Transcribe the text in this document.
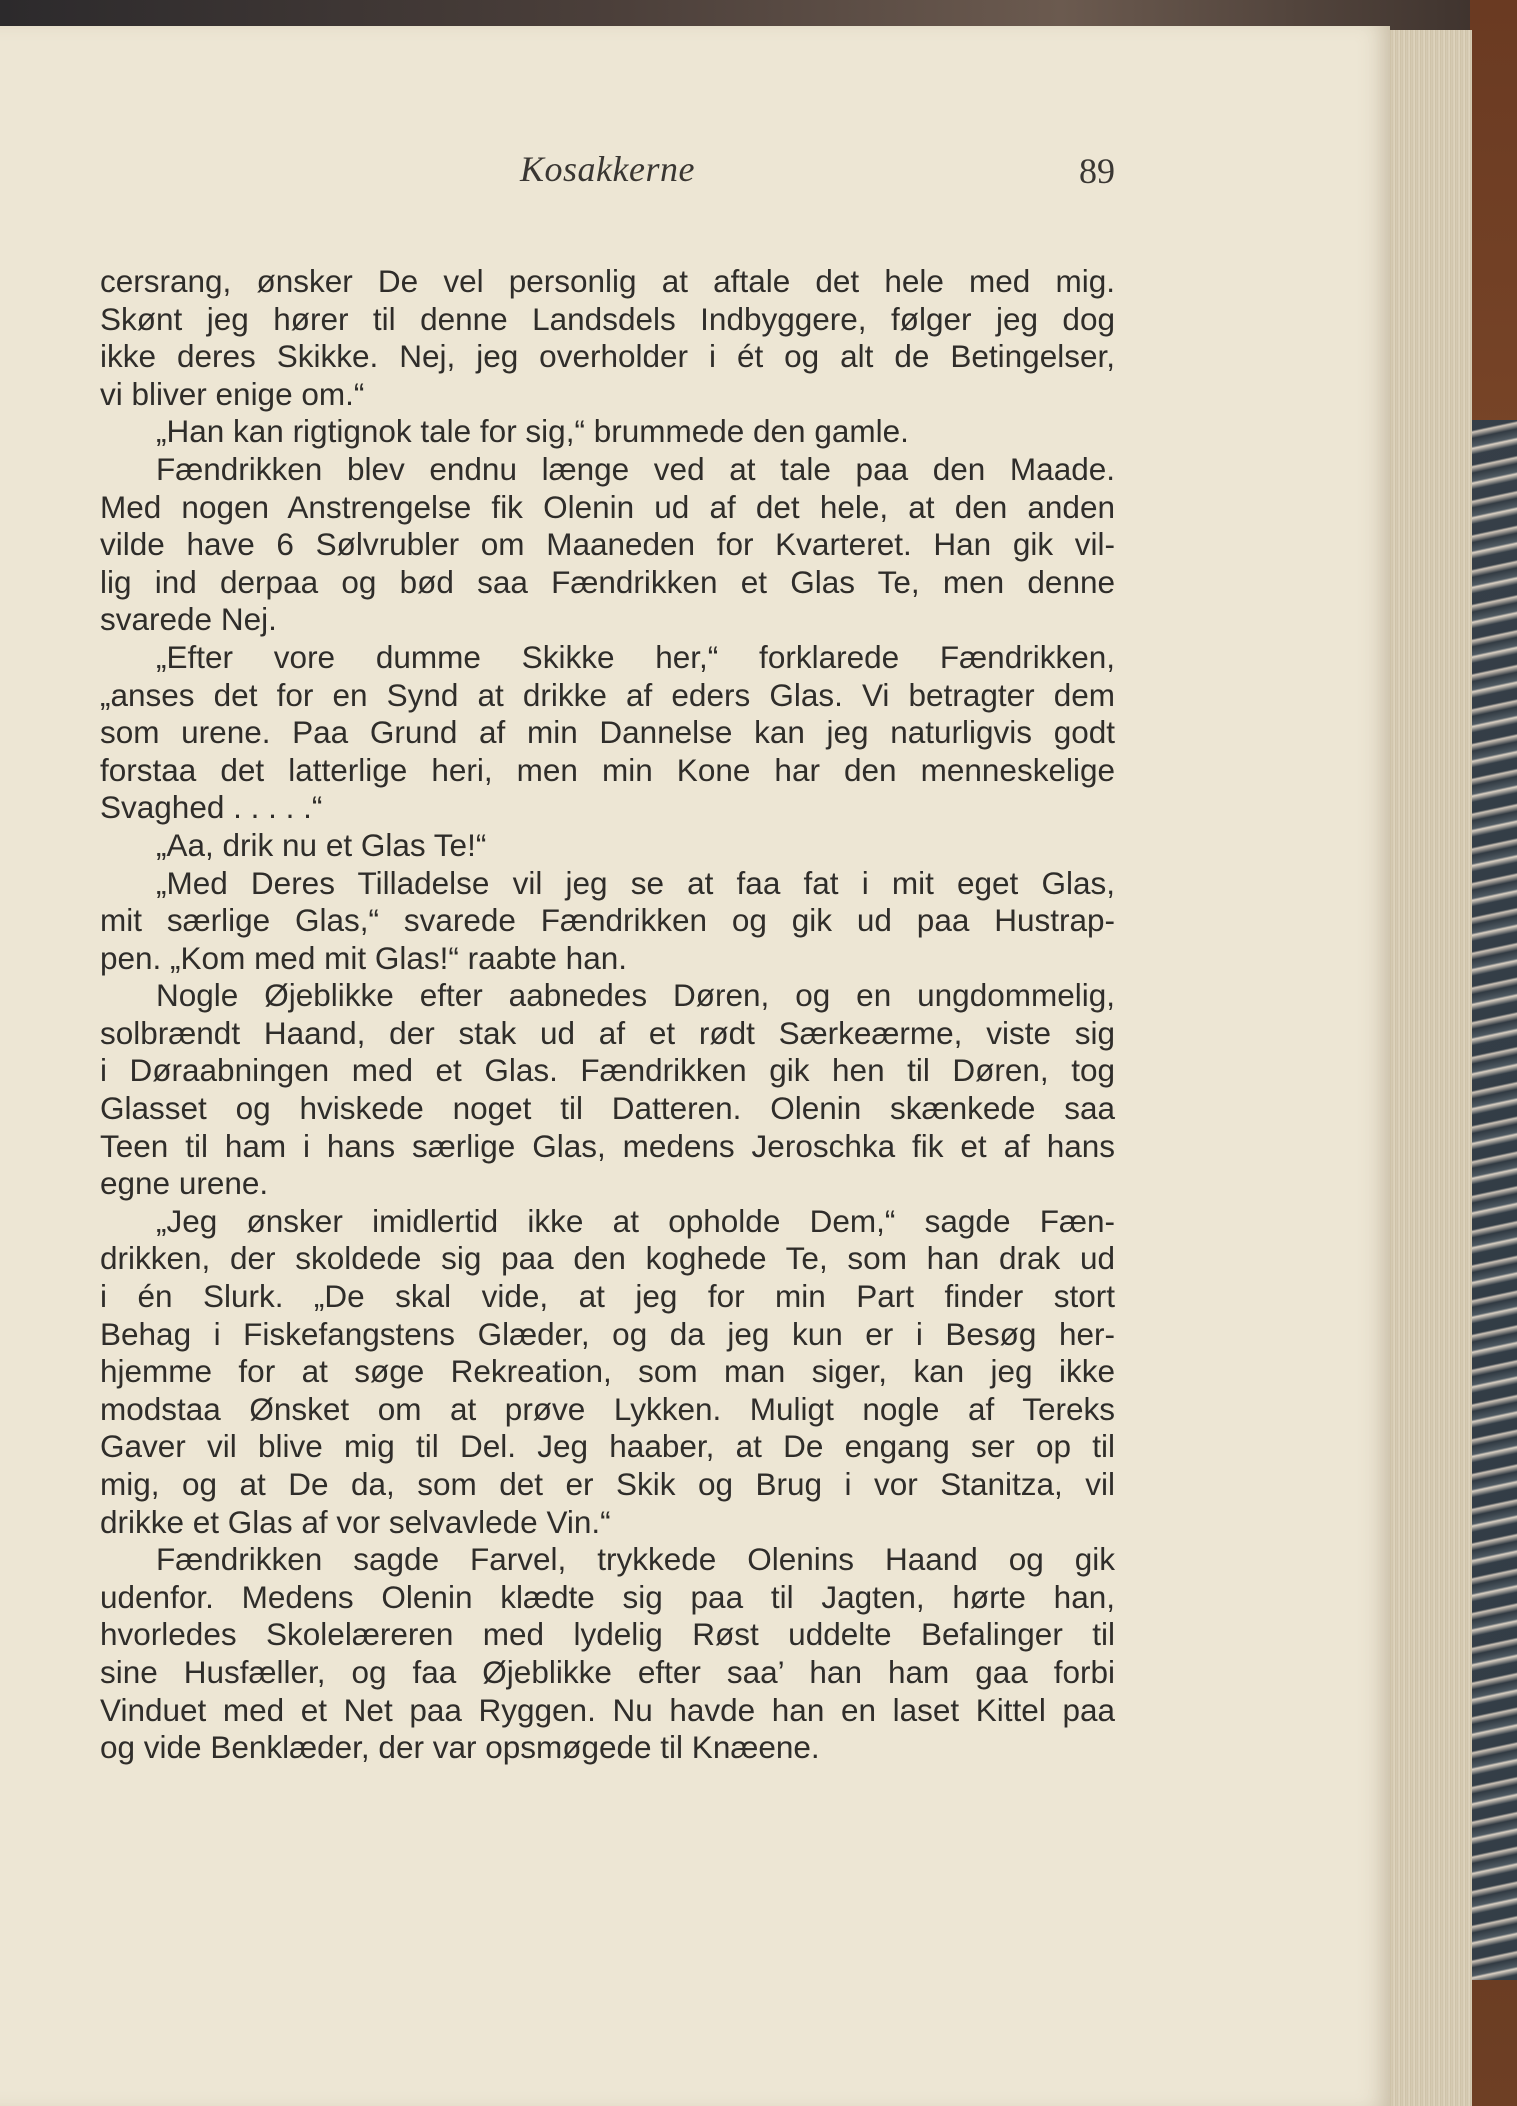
Kosakkerne	89
cersrang, ønsker De vel personlig at aftale det hele med mig.
Skønt jeg hører til denne Landsdels Indbyggere, følger jeg dog
ikke deres Skikke. Nej, jeg overholder i ét og alt de Betingelser,
vi bliver enige om.“
„Han kan rigtignok tale for sig,“ brummede den gamle.
Fændrikken blev endnu længe ved at tale paa den Maade.
Med nogen Anstrengelse fik Olenin ud af det hele, at den anden
vilde have 6 Sølvrubler om Maaneden for Kvarteret. Han gik vil-
lig ind derpaa og bød saa Fændrikken et Glas Te, men denne
svarede Nej.
„Efter vore dumme Skikke her,“ forklarede Fændrikken,
„anses det for en Synd at drikke af eders Glas. Vi betragter dem
som urene. Paa Grund af min Dannelse kan jeg naturligvis godt
forstaa det latterlige heri, men min Kone har den menneskelige
Svaghed . . . . .“
„Aa, drik nu et Glas Te!“
„Med Deres Tilladelse vil jeg se at faa fat i mit eget Glas,
mit særlige Glas,“ svarede Fændrikken og gik ud paa Hustrap-
pen. „Kom med mit Glas!“ raabte han.
Nogle Øjeblikke efter aabnedes Døren, og en ungdommelig,
solbrændt Haand, der stak ud af et rødt Særkeærme, viste sig
i Døraabningen med et Glas. Fændrikken gik hen til Døren, tog
Glasset og hviskede noget til Datteren. Olenin skænkede saa
Teen til ham i hans særlige Glas, medens Jeroschka fik et af hans
egne urene.
„Jeg ønsker imidlertid ikke at opholde Dem,“ sagde Fæn-
drikken, der skoldede sig paa den koghede Te, som han drak ud
i én Slurk. „De skal vide, at jeg for min Part finder stort
Behag i Fiskefangstens Glæder, og da jeg kun er i Besøg her-
hjemme for at søge Rekreation, som man siger, kan jeg ikke
modstaa Ønsket om at prøve Lykken. Muligt nogle af Tereks
Gaver vil blive mig til Del. Jeg haaber, at De engang ser op til
mig, og at De da, som det er Skik og Brug i vor Stanitza, vil
drikke et Glas af vor selvavlede Vin.“
Fændrikken sagde Farvel, trykkede Olenins Haand og gik
udenfor. Medens Olenin klædte sig paa til Jagten, hørte han,
hvorledes Skolelæreren med lydelig Røst uddelte Befalinger til
sine Husfæller, og faa Øjeblikke efter saa’ han ham gaa forbi
Vinduet med et Net paa Ryggen. Nu havde han en laset Kittel paa
og vide Benklæder, der var opsmøgede til Knæene.
